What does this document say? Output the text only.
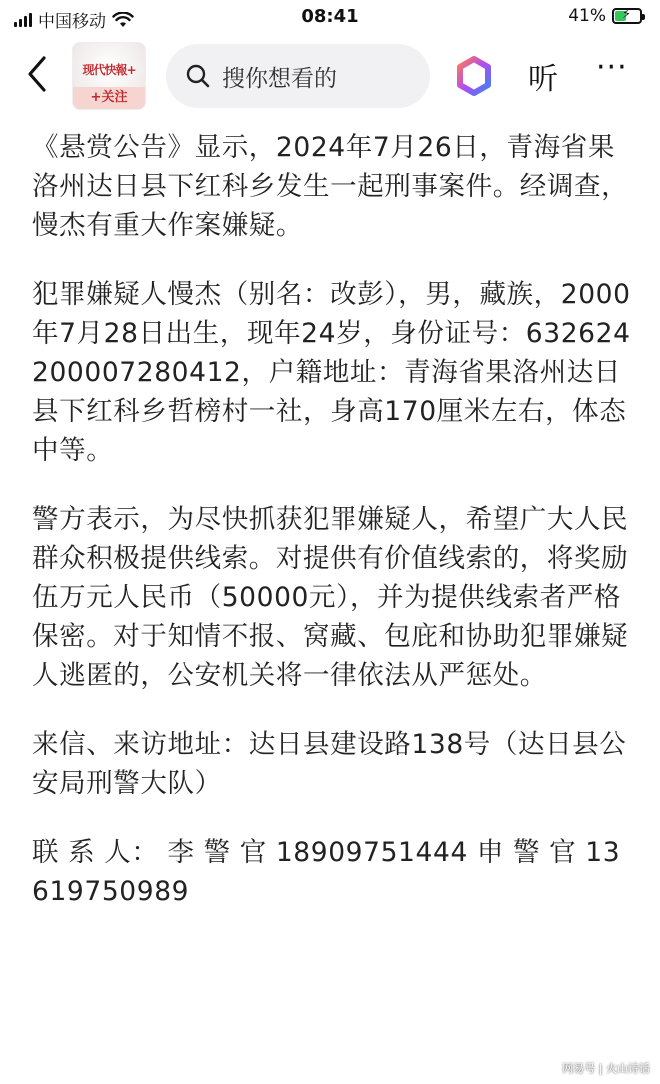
中国移动	08:41	41% ⚡
现代快報+
+关注
搜你想看的	听 ···

《悬赏公告》显示，2024年7月26日，青海省果洛州达日县下红科乡发生一起刑事案件。经调查，慢杰有重大作案嫌疑。

犯罪嫌疑人慢杰（别名：改彭），男，藏族，2000年7月28日出生，现年24岁，身份证号：632624200007280412，户籍地址：青海省果洛州达日县下红科乡哲榜村一社，身高170厘米左右，体态中等。

警方表示，为尽快抓获犯罪嫌疑人，希望广大人民群众积极提供线索。对提供有价值线索的，将奖励伍万元人民币（50000元），并为提供线索者严格保密。对于知情不报、窝藏、包庇和协助犯罪嫌疑人逃匿的，公安机关将一律依法从严惩处。

来信、来访地址：达日县建设路138号（达日县公安局刑警大队）

联 系 人： 李 警 官 18909751444 申 警 官 13619750989

网易号 | 火山诗话
